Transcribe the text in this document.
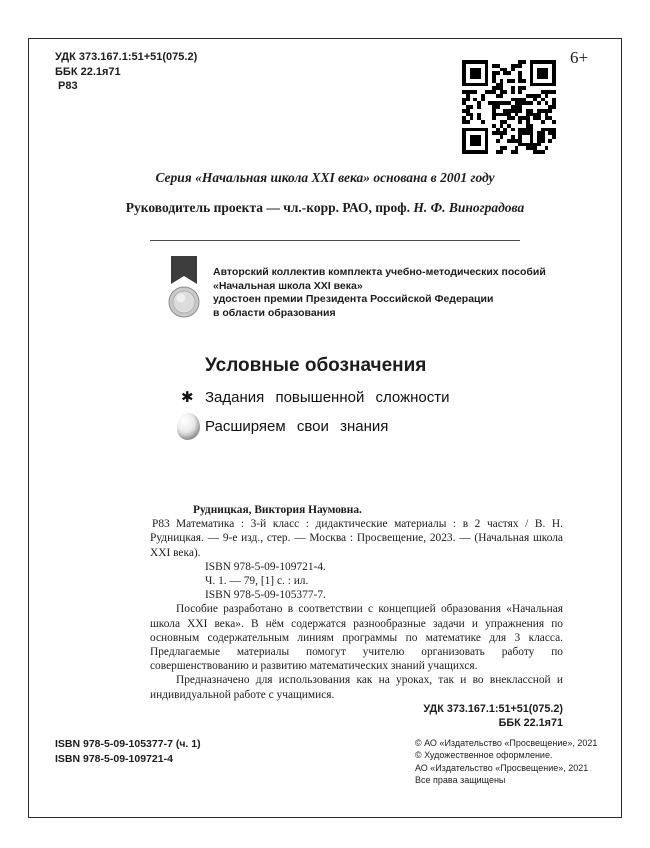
УДК 373.167.1:51+51(075.2)
ББК 22.1я71
Р83
6+
Серия «Начальная школа XXI века» основана в 2001 году
Руководитель проекта — чл.-корр. РАО, проф. Н. Ф. Виноградова
Авторский коллектив комплекта учебно-методических пособий
«Начальная школа XXI века»
удостоен премии Президента Российской Федерации
в области образования
Условные обозначения
✱ Задания повышенной сложности
Расширяем свои знания
Рудницкая, Виктория Наумовна.
Р83 Математика : 3-й класс : дидактические материалы : в 2 частях / В. Н. Рудницкая. — 9-е изд., стер. — Москва : Просвещение, 2023. — (Начальная школа XXI века).
ISBN 978-5-09-109721-4.
Ч. 1. — 79, [1] с. : ил.
ISBN 978-5-09-105377-7.
Пособие разработано в соответствии с концепцией образования «Начальная школа XXI века». В нём содержатся разнообразные задачи и упражнения по основным содержательным линиям программы по математике для 3 класса. Предлагаемые материалы помогут учителю организовать работу по совершенствованию и развитию математических знаний учащихся.
Предназначено для использования как на уроках, так и во внеклассной и индивидуальной работе с учащимися.
УДК 373.167.1:51+51(075.2)
ББК 22.1я71
ISBN 978-5-09-105377-7 (ч. 1)
ISBN 978-5-09-109721-4
© АО «Издательство «Просвещение», 2021
© Художественное оформление.
АО «Издательство «Просвещение», 2021
Все права защищены
